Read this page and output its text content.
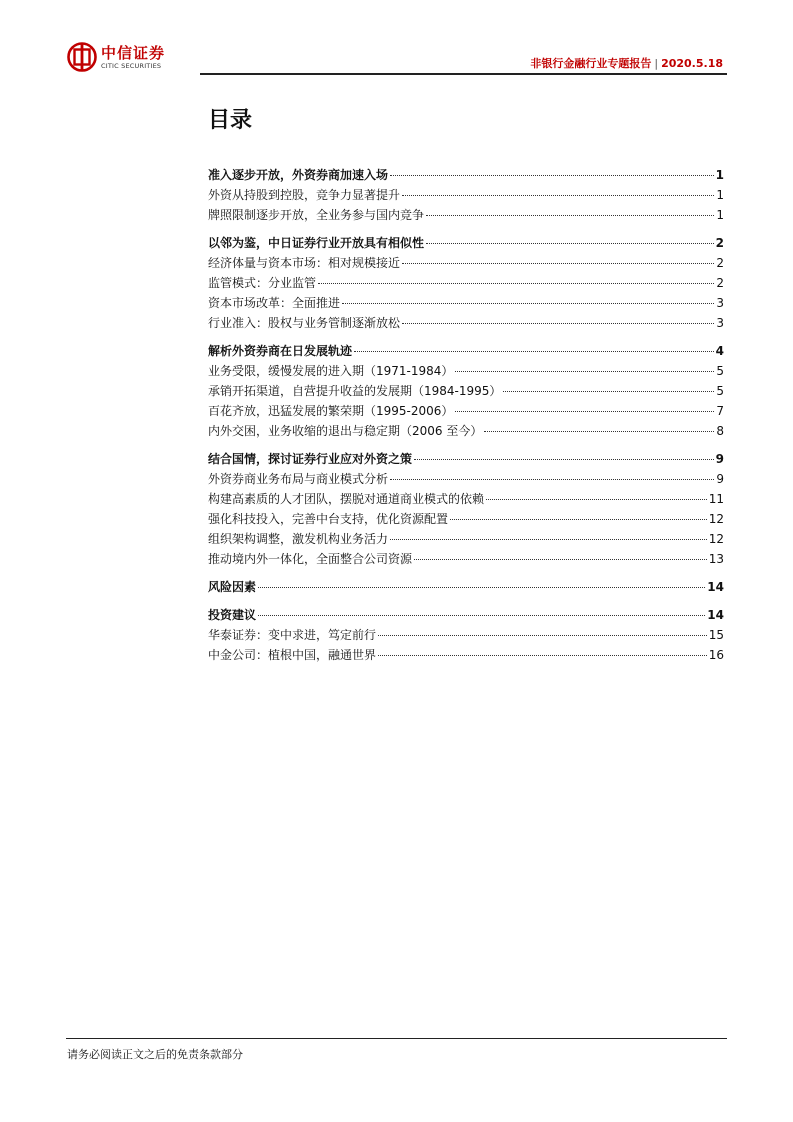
中信证券
CITIC SECURITIES	非银行金融行业专题报告 | 2020.5.18
目录
准入逐步开放，外资券商加速入场	1
外资从持股到控股，竞争力显著提升	1
牌照限制逐步开放，全业务参与国内竞争	1
以邻为鉴，中日证券行业开放具有相似性	2
经济体量与资本市场：相对规模接近	2
监管模式：分业监管	2
资本市场改革：全面推进	3
行业准入：股权与业务管制逐渐放松	3
解析外资券商在日发展轨迹	4
业务受限，缓慢发展的进入期（1971-1984）	5
承销开拓渠道，自营提升收益的发展期（1984-1995）	5
百花齐放，迅猛发展的繁荣期（1995-2006）	7
内外交困，业务收缩的退出与稳定期（2006 至今）	8
结合国情，探讨证券行业应对外资之策	9
外资券商业务布局与商业模式分析	9
构建高素质的人才团队，摆脱对通道商业模式的依赖	11
强化科技投入，完善中台支持，优化资源配置	12
组织架构调整，激发机构业务活力	12
推动境内外一体化，全面整合公司资源	13
风险因素	14
投资建议	14
华泰证券：变中求进，笃定前行	15
中金公司：植根中国，融通世界	16
请务必阅读正文之后的免责条款部分
